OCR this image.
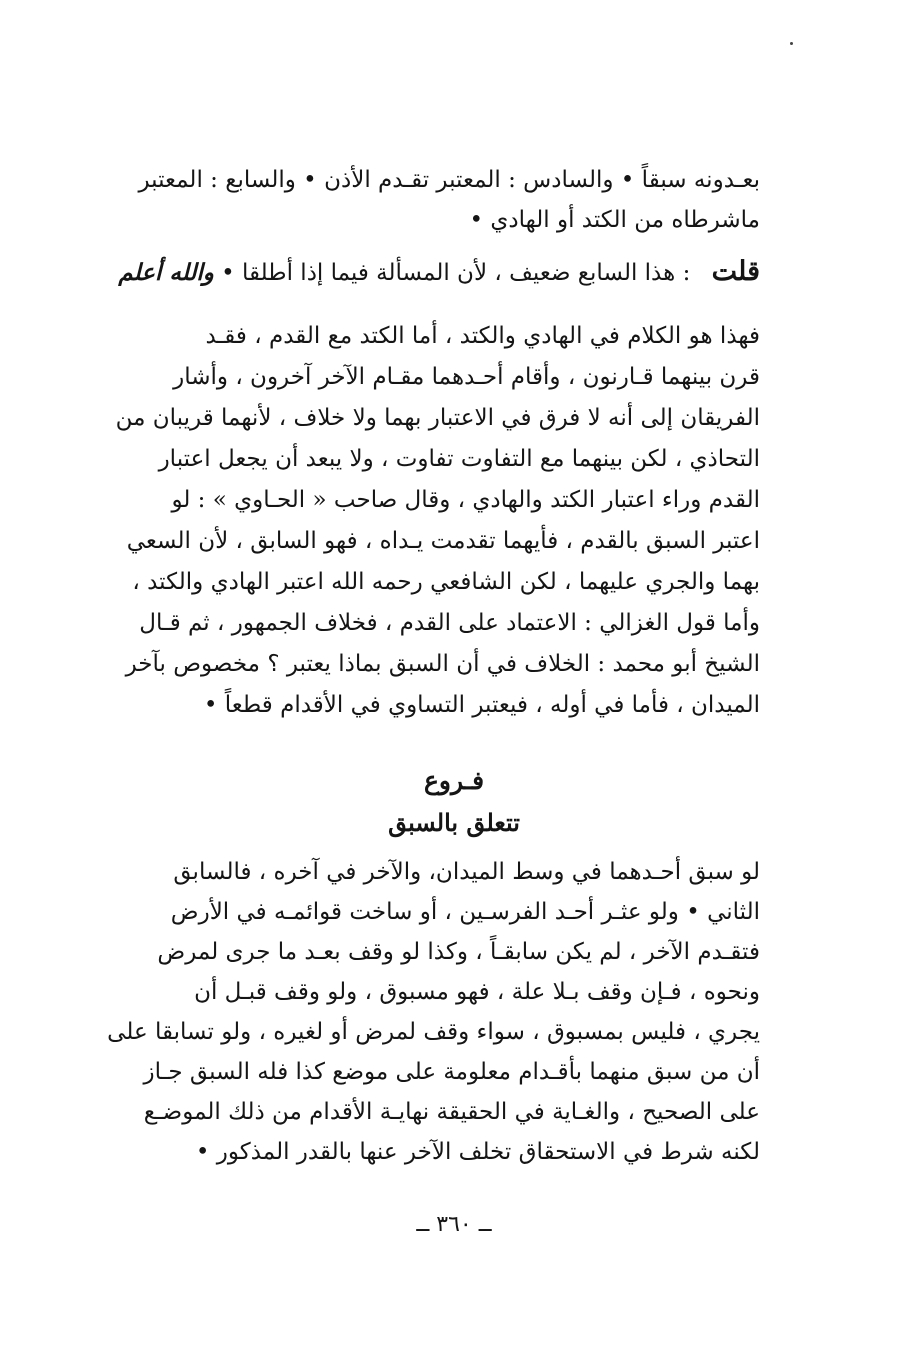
بعـدونه سبقاً • والسادس : المعتبر تقـدم الأذن • والسابع : المعتبر
ماشرطاه من الكتد أو الهادي •
قلت : هذا السابع ضعيف ، لأن المسألة فيما إذا أطلقا • والله أعلم
فهذا هو الكلام في الهادي والكتد ، أما الكتد مع القدم ، فقـد
قرن بينهما قـارنون ، وأقام أحـدهما مقـام الآخر آخرون ، وأشار
الفريقان إلى أنه لا فرق في الاعتبار بهما ولا خلاف ، لأنهما قريبان من
التحاذي ، لكن بينهما مع التفاوت تفاوت ، ولا يبعد أن يجعل اعتبار
القدم وراء اعتبار الكتد والهادي ، وقال صاحب « الحـاوي » : لو
اعتبر السبق بالقدم ، فأيهما تقدمت يـداه ، فهو السابق ، لأن السعي
بهما والجري عليهما ، لكن الشافعي رحمه الله اعتبر الهادي والكتد ،
وأما قول الغزالي : الاعتماد على القدم ، فخلاف الجمهور ، ثم قـال
الشيخ أبو محمد : الخلاف في أن السبق بماذا يعتبر ؟ مخصوص بآخر
الميدان ، فأما في أوله ، فيعتبر التساوي في الأقدام قطعاً •
فـروع
تتعلق بالسبق
لو سبق أحـدهما في وسط الميدان، والآخر في آخره ، فالسابق
الثاني • ولو عثـر أحـد الفرسـين ، أو ساخت قوائمـه في الأرض
فتقـدم الآخر ، لم يكن سابقـاً ، وكذا لو وقف بعـد ما جرى لمرض
ونحوه ، فـإن وقف بـلا علة ، فهو مسبوق ، ولو وقف قبـل أن
يجري ، فليس بمسبوق ، سواء وقف لمرض أو لغيره ، ولو تسابقا على
أن من سبق منهما بأقـدام معلومة على موضع كذا فله السبق جـاز
على الصحيح ، والغـاية في الحقيقة نهايـة الأقدام من ذلك الموضـع
لكنه شرط في الاستحقاق تخلف الآخر عنها بالقدر المذكور •
ــ ٣٦٠ ــ
